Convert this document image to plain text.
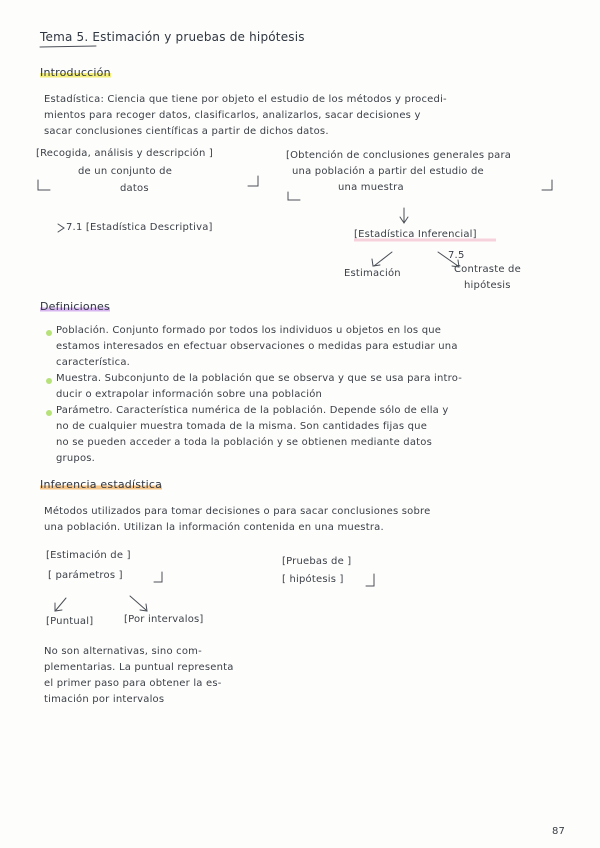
Tema 5. Estimación y pruebas de hipótesis
Introducción
Estadística: Ciencia que tiene por objeto el estudio de los métodos y procedi-
mientos para recoger datos, clasificarlos, analizarlos, sacar decisiones y
sacar conclusiones científicas a partir de dichos datos.
[Recogida, análisis y descripción ]
de un conjunto de
datos
7.1 [Estadística Descriptiva]
[Obtención de conclusiones generales para
una población a partir del estudio de
una muestra
[Estadística Inferencial]
7.5
Estimación	Contraste de
hipótesis
Definiciones
Población. Conjunto formado por todos los individuos u objetos en los que
estamos interesados en efectuar observaciones o medidas para estudiar una
característica.
Muestra. Subconjunto de la población que se observa y que se usa para intro-
ducir o extrapolar información sobre una población
Parámetro. Característica numérica de la población. Depende sólo de ella y
no de cualquier muestra tomada de la misma. Son cantidades fijas que
no se pueden acceder a toda la población y se obtienen mediante datos
grupos.
Inferencia estadística
Métodos utilizados para tomar decisiones o para sacar conclusiones sobre
una población. Utilizan la información contenida en una muestra.
[Estimación de ]
[ parámetros ]
[Pruebas de ]
[ hipótesis ]
[Puntual]	[Por intervalos]
No son alternativas, sino com-
plementarias. La puntual representa
el primer paso para obtener la es-
timación por intervalos
87
